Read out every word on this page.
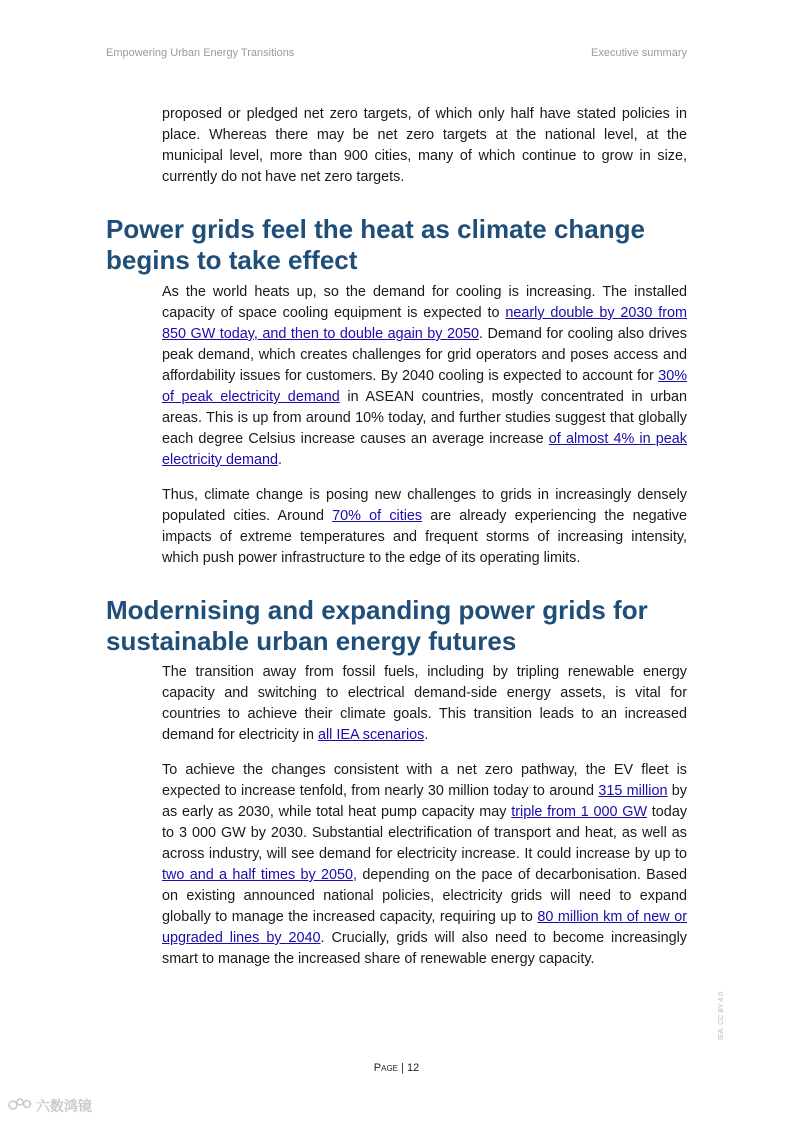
Empowering Urban Energy Transitions	Executive summary

proposed or pledged net zero targets, of which only half have stated policies in place. Whereas there may be net zero targets at the national level, at the municipal level, more than 900 cities, many of which continue to grow in size, currently do not have net zero targets.

Power grids feel the heat as climate change begins to take effect

As the world heats up, so the demand for cooling is increasing. The installed capacity of space cooling equipment is expected to nearly double by 2030 from 850 GW today, and then to double again by 2050. Demand for cooling also drives peak demand, which creates challenges for grid operators and poses access and affordability issues for customers. By 2040 cooling is expected to account for 30% of peak electricity demand in ASEAN countries, mostly concentrated in urban areas. This is up from around 10% today, and further studies suggest that globally each degree Celsius increase causes an average increase of almost 4% in peak electricity demand.

Thus, climate change is posing new challenges to grids in increasingly densely populated cities. Around 70% of cities are already experiencing the negative impacts of extreme temperatures and frequent storms of increasing intensity, which push power infrastructure to the edge of its operating limits.

Modernising and expanding power grids for sustainable urban energy futures

The transition away from fossil fuels, including by tripling renewable energy capacity and switching to electrical demand-side energy assets, is vital for countries to achieve their climate goals. This transition leads to an increased demand for electricity in all IEA scenarios.

To achieve the changes consistent with a net zero pathway, the EV fleet is expected to increase tenfold, from nearly 30 million today to around 315 million by as early as 2030, while total heat pump capacity may triple from 1 000 GW today to 3 000 GW by 2030. Substantial electrification of transport and heat, as well as across industry, will see demand for electricity increase. It could increase by up to two and a half times by 2050, depending on the pace of decarbonisation. Based on existing announced national policies, electricity grids will need to expand globally to manage the increased capacity, requiring up to 80 million km of new or upgraded lines by 2040. Crucially, grids will also need to become increasingly smart to manage the increased share of renewable energy capacity.

Page | 12
IEA. CC BY 4.0.
六数鸿镜
